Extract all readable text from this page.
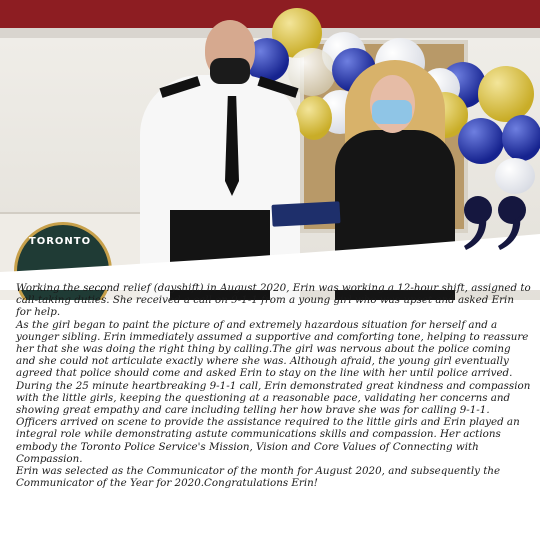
TORONTO

Working the second relief (dayshift) in August 2020, Erin was working a 12-hour shift, assigned to call-taking duties. She received a call on 9-1-1 from a young girl who was upset and asked Erin for help.

As the girl began to paint the picture of and extremely hazardous situation for herself and a younger sibling. Erin immediately assumed a supportive and comforting tone, helping to reassure her that she was doing the right thing by calling.The girl was nervous about the police coming and she could not articulate exactly where she was. Although afraid, the young girl eventually agreed that police should come and asked Erin to stay on the line with her until police arrived.

During the 25 minute heartbreaking 9-1-1 call, Erin demonstrated great kindness and compassion with the little girls, keeping the questioning at a reasonable pace, validating her concerns and showing great empathy and care including telling her how brave she was for calling 9-1-1.

Officers arrived on scene to provide the assistance required to the little girls and Erin played an integral role while demonstrating astute communications skills and compassion. Her actions embody the Toronto Police Service's Mission, Vision and Core Values of Connecting with Compassion.

Erin was selected as the Communicator of the month for August 2020, and subsequently the Communicator of the Year for 2020.Congratulations Erin!
